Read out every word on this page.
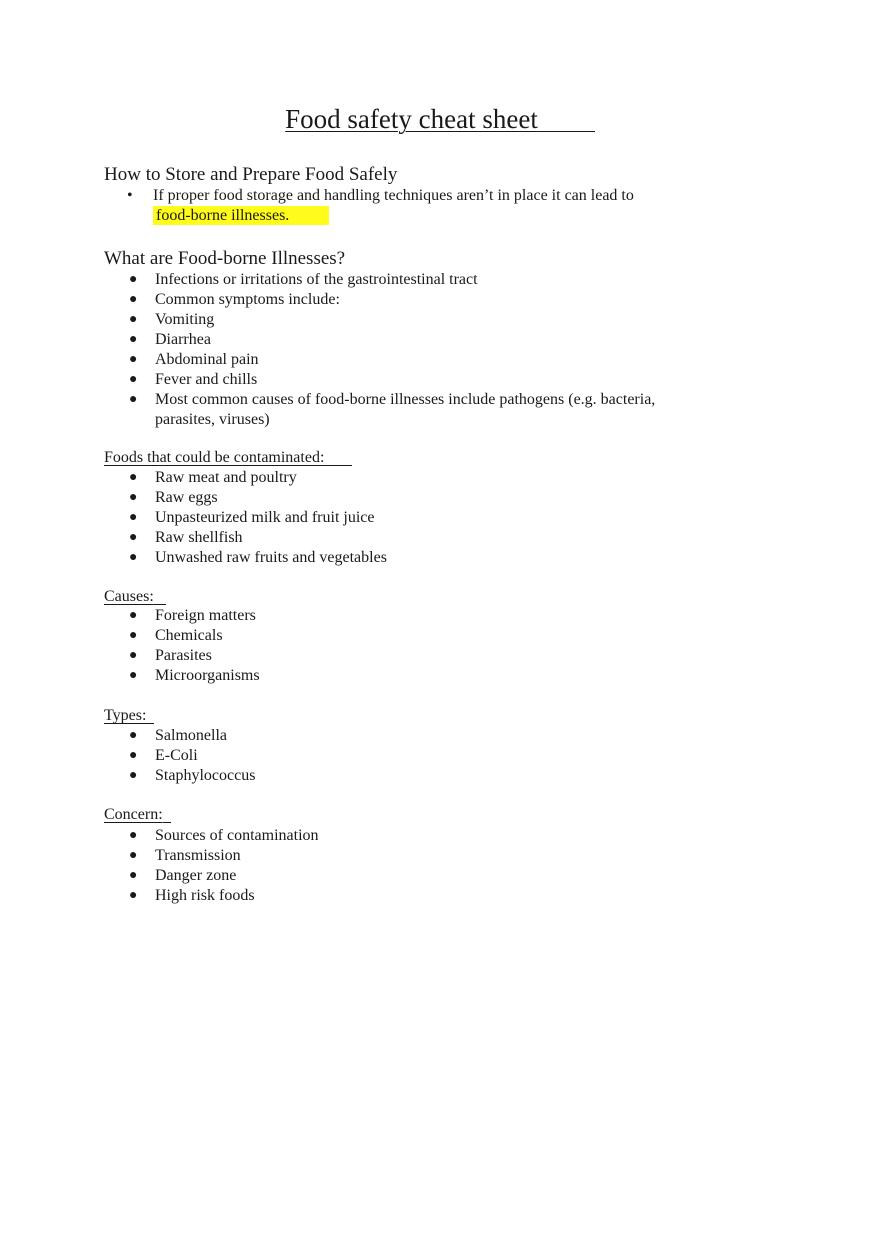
Food safety cheat sheet
How to Store and Prepare Food Safely
• If proper food storage and handling techniques aren’t in place it can lead to
food-borne illnesses.
What are Food-borne Illnesses?
● Infections or irritations of the gastrointestinal tract
● Common symptoms include:
● Vomiting
● Diarrhea
● Abdominal pain
● Fever and chills
● Most common causes of food-borne illnesses include pathogens (e.g. bacteria, parasites, viruses)
Foods that could be contaminated:
● Raw meat and poultry
● Raw eggs
● Unpasteurized milk and fruit juice
● Raw shellfish
● Unwashed raw fruits and vegetables
Causes:
● Foreign matters
● Chemicals
● Parasites
● Microorganisms
Types:
● Salmonella
● E-Coli
● Staphylococcus
Concern:
● Sources of contamination
● Transmission
● Danger zone
● High risk foods
